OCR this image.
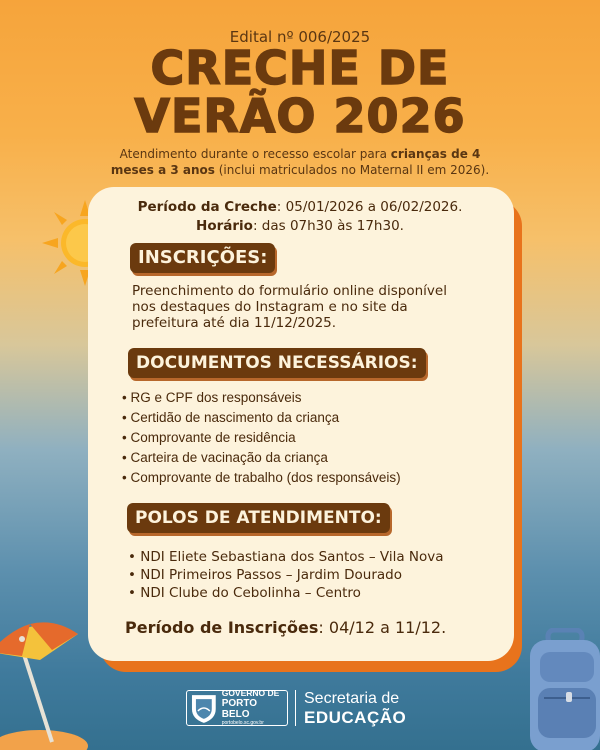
Edital nº 006/2025
CRECHE DE
VERÃO 2026
Atendimento durante o recesso escolar para crianças de 4 meses a 3 anos (inclui matriculados no Maternal II em 2026).
Período da Creche: 05/01/2026 a 06/02/2026.
Horário: das 07h30 às 17h30.
INSCRIÇÕES:
Preenchimento do formulário online disponível nos destaques do Instagram e no site da prefeitura até dia 11/12/2025.
DOCUMENTOS NECESSÁRIOS:
• RG e CPF dos responsáveis
• Certidão de nascimento da criança
• Comprovante de residência
• Carteira de vacinação da criança
• Comprovante de trabalho (dos responsáveis)
POLOS DE ATENDIMENTO:
• NDI Eliete Sebastiana dos Santos – Vila Nova
• NDI Primeiros Passos – Jardim Dourado
• NDI Clube do Cebolinha – Centro
Período de Inscrições: 04/12 a 11/12.
GOVERNO DE
PORTO BELO
portobelo.sc.gov.br
Secretaria de
EDUCAÇÃO
